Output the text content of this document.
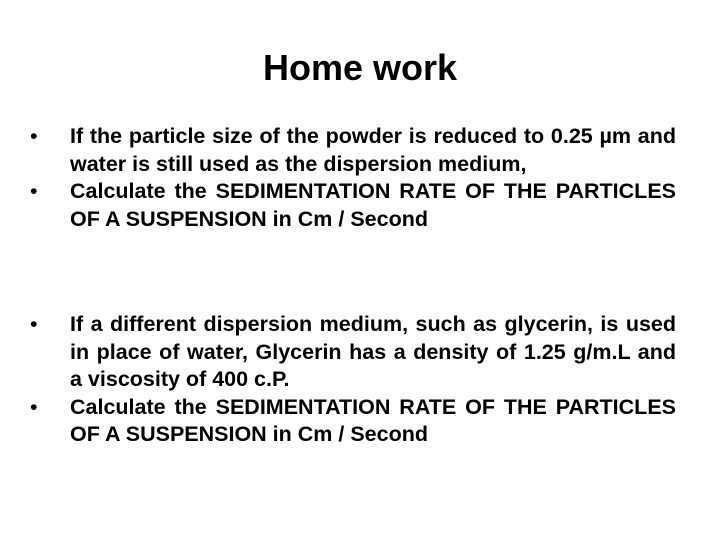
Home work
•	If the particle size of the powder is reduced to 0.25 µm and water is still used as the dispersion medium,
•	Calculate the SEDIMENTATION RATE OF THE PARTICLES OF A SUSPENSION in Cm / Second
•	If a different dispersion medium, such as glycerin, is used in place of water, Glycerin has a density of 1.25 g/m.L and a viscosity of 400 c.P.
•	Calculate the SEDIMENTATION RATE OF THE PARTICLES OF A SUSPENSION in Cm / Second
